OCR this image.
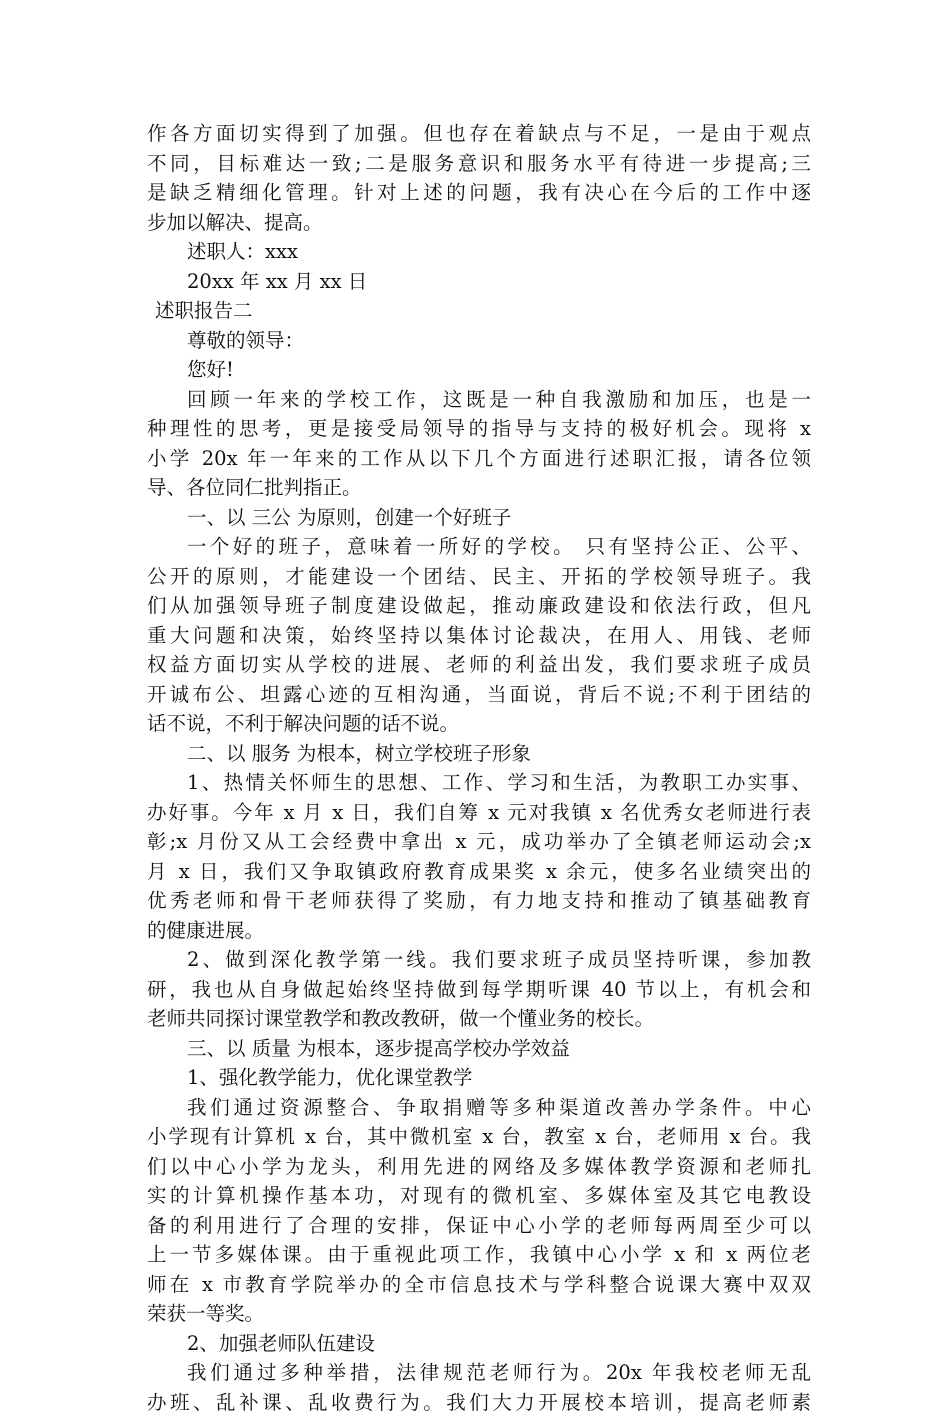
作各方面切实得到了加强。但也存在着缺点与不足，一是由于观点
不同，目标难达一致;二是服务意识和服务水平有待进一步提高;三
是缺乏精细化管理。针对上述的问题，我有决心在今后的工作中逐
步加以解决、提高。
述职人：xxx
20xx 年 xx 月 xx 日
述职报告二
尊敬的领导：
您好!
回顾一年来的学校工作，这既是一种自我激励和加压，也是一
种理性的思考，更是接受局领导的指导与支持的极好机会。现将 x
小学 20x 年一年来的工作从以下几个方面进行述职汇报，请各位领
导、各位同仁批判指正。
一、以 三公 为原则，创建一个好班子
一个好的班子，意味着一所好的学校。 只有坚持公正、公平、
公开的原则，才能建设一个团结、民主、开拓的学校领导班子。我
们从加强领导班子制度建设做起，推动廉政建设和依法行政，但凡
重大问题和决策，始终坚持以集体讨论裁决，在用人、用钱、老师
权益方面切实从学校的进展、老师的利益出发，我们要求班子成员
开诚布公、坦露心迹的互相沟通，当面说，背后不说;不利于团结的
话不说，不利于解决问题的话不说。
二、以 服务 为根本，树立学校班子形象
1、热情关怀师生的思想、工作、学习和生活，为教职工办实事、
办好事。今年 x 月 x 日，我们自筹 x 元对我镇 x 名优秀女老师进行表
彰;x 月份又从工会经费中拿出 x 元，成功举办了全镇老师运动会;x
月 x 日，我们又争取镇政府教育成果奖 x 余元，使多名业绩突出的
优秀老师和骨干老师获得了奖励，有力地支持和推动了镇基础教育
的健康进展。
2、做到深化教学第一线。我们要求班子成员坚持听课，参加教
研，我也从自身做起始终坚持做到每学期听课 40 节以上，有机会和
老师共同探讨课堂教学和教改教研，做一个懂业务的校长。
三、以 质量 为根本，逐步提高学校办学效益
1、强化教学能力，优化课堂教学
我们通过资源整合、争取捐赠等多种渠道改善办学条件。中心
小学现有计算机 x 台，其中微机室 x 台，教室 x 台，老师用 x 台。我
们以中心小学为龙头，利用先进的网络及多媒体教学资源和老师扎
实的计算机操作基本功，对现有的微机室、多媒体室及其它电教设
备的利用进行了合理的安排，保证中心小学的老师每两周至少可以
上一节多媒体课。由于重视此项工作，我镇中心小学 x 和 x 两位老
师在 x 市教育学院举办的全市信息技术与学科整合说课大赛中双双
荣获一等奖。
2、加强老师队伍建设
我们通过多种举措，法律规范老师行为。20x 年我校老师无乱
办班、乱补课、乱收费行为。我们大力开展校本培训，提高老师素
